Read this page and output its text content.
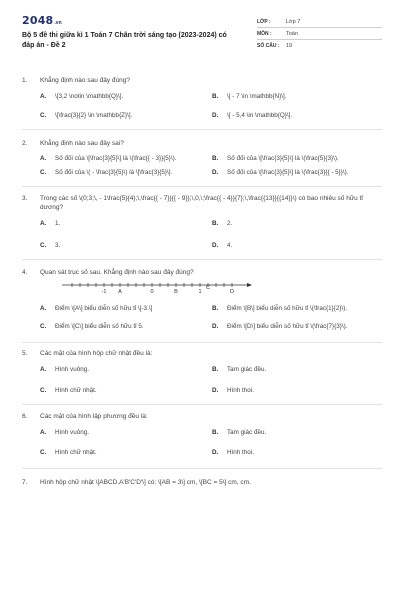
2048 .vn
Bộ 5 đề thi giữa kì 1 Toán 7 Chân trời sáng tạo (2023-2024) có đáp án - Đề 2
LỚP :	Lớp 7
MÔN :	Toán
SỐ CÂU :	19
1.	Khẳng định nào sau đây đúng?
A.	\[3,2 \notin \mathbb{Q}\].	B.	\[ - 7 \in \mathbb{N}\].
C.	\[\frac{3}{2} \in \mathbb{Z}\].	D.	\[ - 5,4 \in \mathbb{Q}\].
2.	Khẳng định nào sau đây sai?
A.	Số đối của \[\frac{3}{5}\] là \(\frac{{ - 3}}{5}\).	B.	Số đối của \[\frac{3}{5}\] là \(\frac{5}{3}\).
C.	Số đối của \( - \frac{3}{5}\) là \[\frac{3}{5}\].	D.	Số đối của \[\frac{3}{5}\] là \(\frac{3}{{ - 5}}\).
3.	Trong các số \(0;3;\, - 1\frac{5}{4};\,\frac{{ - 7}}{{ - 9}};\,0,\;\frac{{ - 4}}{7};\,\frac{{13}}{{14}}\) có bao nhiêu số hữu tỉ dương?
A.	1.	B.	2.
C.	3.	D.	4.
4.	Quan sát trục số sau. Khẳng định nào sau đây đúng?
-1 A	0	B	1
C
D
A.	Điểm \[A\] biểu diễn số hữu tỉ \[-3.\]	B.	Điểm \[B\] biểu diễn số hữu tỉ \(\frac{1}{2}\).
C.	Điểm \[C\] biểu diễn số hữu tỉ 5.	D.	Điểm \[D\] biểu diễn số hữu tỉ \(\frac{7}{3}\).
5.	Các mặt của hình hộp chữ nhật đều là:
A.	Hình vuông.	B.	Tam giác đều.
C.	Hình chữ nhật.	D.	Hình thoi.
6.	Các mặt của hình lập phương đều là:
A.	Hình vuông.	B.	Tam giác đều.
C.	Hình chữ nhật.	D.	Hình thoi.
7.	Hình hộp chữ nhật \[ABCD.A'B'C'D'\] có: \[AB = 3\] cm, \[BC = 5\] cm, cm.
